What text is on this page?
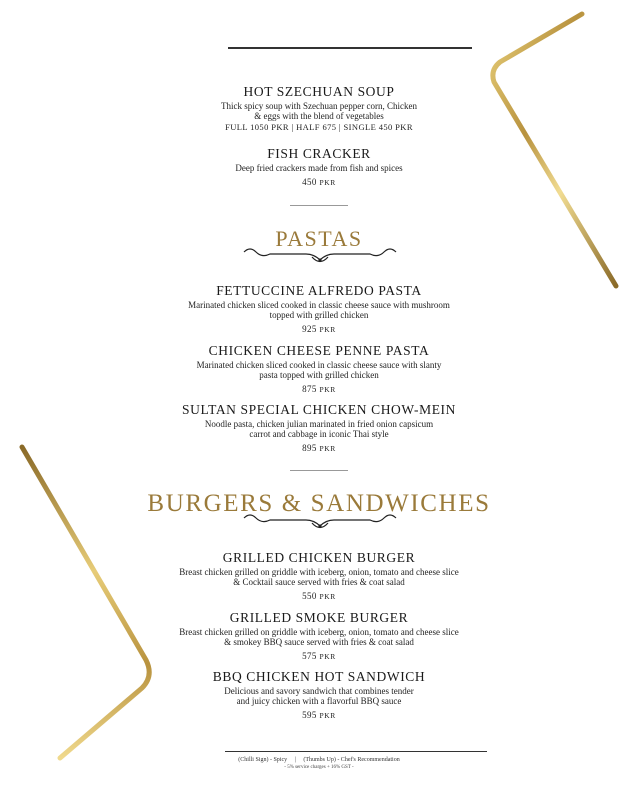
HOT SZECHUAN SOUP
Thick spicy soup with Szechuan pepper corn, Chicken
& eggs with the blend of vegetables
FULL 1050 PKR | HALF 675 | SINGLE 450 PKR
FISH CRACKER
Deep fried crackers made from fish and spices
450 PKR
PASTAS
FETTUCCINE ALFREDO PASTA
Marinated chicken sliced cooked in classic cheese sauce with mushroom
topped with grilled chicken
925 PKR
CHICKEN CHEESE PENNE PASTA
Marinated chicken sliced cooked in classic cheese sauce with slanty
pasta topped with grilled chicken
875 PKR
SULTAN SPECIAL CHICKEN CHOW-MEIN
Noodle pasta, chicken julian marinated in fried onion capsicum
carrot and cabbage in iconic Thai style
895 PKR
BURGERS & SANDWICHES
GRILLED CHICKEN BURGER
Breast chicken grilled on griddle with iceberg, onion, tomato and cheese slice
& Cocktail sauce served with fries & coat salad
550 PKR
GRILLED SMOKE BURGER
Breast chicken grilled on griddle with iceberg, onion, tomato and cheese slice
& smokey BBQ sauce served with fries & coat salad
575 PKR
BBQ CHICKEN HOT SANDWICH
Delicious and savory sandwich that combines tender
and juicy chicken with a flavorful BBQ sauce
595 PKR
(Chilli Sign) - Spicy     |     (Thumbs Up) - Chef's Recommendation
- 5% service charges + 16% GST -
